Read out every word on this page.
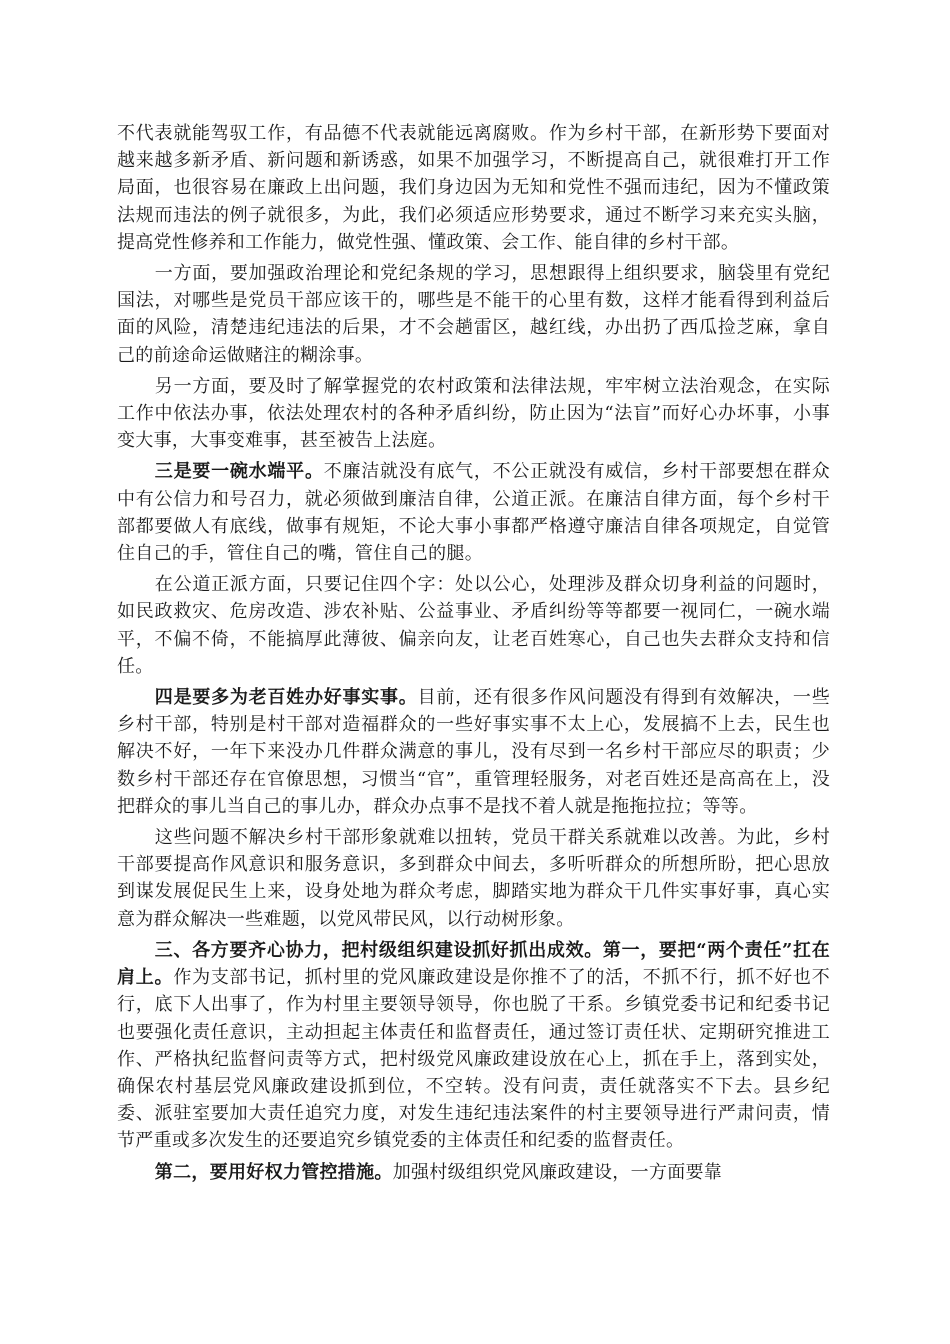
不代表就能驾驭工作，有品德不代表就能远离腐败。作为乡村干部，在新形势下要面对越来越多新矛盾、新问题和新诱惑，如果不加强学习，不断提高自己，就很难打开工作局面，也很容易在廉政上出问题，我们身边因为无知和党性不强而违纪，因为不懂政策法规而违法的例子就很多，为此，我们必须适应形势要求，通过不断学习来充实头脑，提高党性修养和工作能力，做党性强、懂政策、会工作、能自律的乡村干部。

一方面，要加强政治理论和党纪条规的学习，思想跟得上组织要求，脑袋里有党纪国法，对哪些是党员干部应该干的，哪些是不能干的心里有数，这样才能看得到利益后面的风险，清楚违纪违法的后果，才不会趟雷区，越红线，办出扔了西瓜捡芝麻，拿自己的前途命运做赌注的糊涂事。

另一方面，要及时了解掌握党的农村政策和法律法规，牢牢树立法治观念，在实际工作中依法办事，依法处理农村的各种矛盾纠纷，防止因为“法盲”而好心办坏事，小事变大事，大事变难事，甚至被告上法庭。

三是要一碗水端平。不廉洁就没有底气，不公正就没有威信，乡村干部要想在群众中有公信力和号召力，就必须做到廉洁自律，公道正派。在廉洁自律方面，每个乡村干部都要做人有底线，做事有规矩，不论大事小事都严格遵守廉洁自律各项规定，自觉管住自己的手，管住自己的嘴，管住自己的腿。

在公道正派方面，只要记住四个字：处以公心，处理涉及群众切身利益的问题时，如民政救灾、危房改造、涉农补贴、公益事业、矛盾纠纷等等都要一视同仁，一碗水端平，不偏不倚，不能搞厚此薄彼、偏亲向友，让老百姓寒心，自己也失去群众支持和信任。

四是要多为老百姓办好事实事。目前，还有很多作风问题没有得到有效解决，一些乡村干部，特别是村干部对造福群众的一些好事实事不太上心，发展搞不上去，民生也解决不好，一年下来没办几件群众满意的事儿，没有尽到一名乡村干部应尽的职责；少数乡村干部还存在官僚思想，习惯当“官”，重管理轻服务，对老百姓还是高高在上，没把群众的事儿当自己的事儿办，群众办点事不是找不着人就是拖拖拉拉；等等。

这些问题不解决乡村干部形象就难以扭转，党员干群关系就难以改善。为此，乡村干部要提高作风意识和服务意识，多到群众中间去，多听听群众的所想所盼，把心思放到谋发展促民生上来，设身处地为群众考虑，脚踏实地为群众干几件实事好事，真心实意为群众解决一些难题，以党风带民风，以行动树形象。

三、各方要齐心协力，把村级组织建设抓好抓出成效。第一，要把“两个责任”扛在肩上。作为支部书记，抓村里的党风廉政建设是你推不了的活，不抓不行，抓不好也不行，底下人出事了，作为村里主要领导领导，你也脱了干系。乡镇党委书记和纪委书记也要强化责任意识，主动担起主体责任和监督责任，通过签订责任状、定期研究推进工作、严格执纪监督问责等方式，把村级党风廉政建设放在心上，抓在手上，落到实处，确保农村基层党风廉政建设抓到位，不空转。没有问责，责任就落实不下去。县乡纪委、派驻室要加大责任追究力度，对发生违纪违法案件的村主要领导进行严肃问责，情节严重或多次发生的还要追究乡镇党委的主体责任和纪委的监督责任。

第二，要用好权力管控措施。加强村级组织党风廉政建设，一方面要靠
